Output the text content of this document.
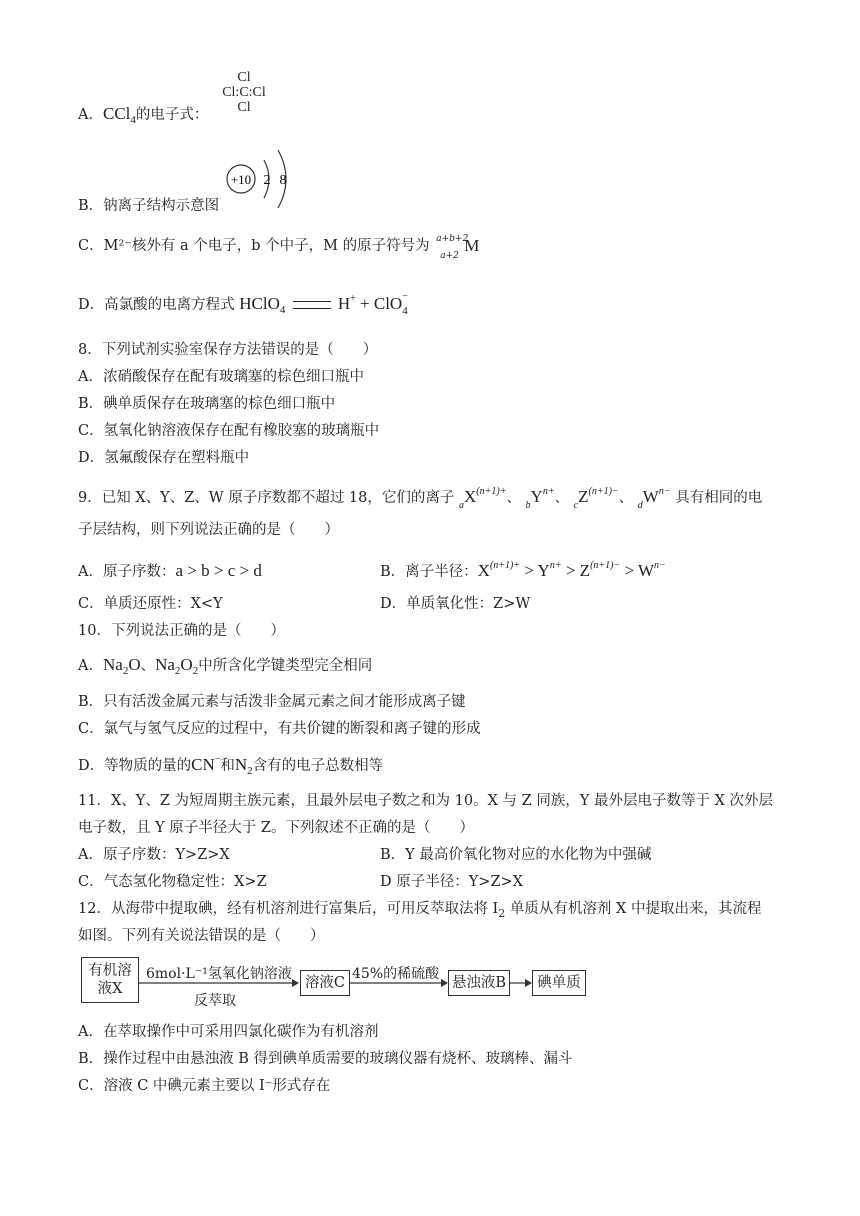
A．CCl$_4$的电子式：
Cl
Cl:C:Cl
Cl
B．钠离子结构示意图
+10 2 8
C．M²⁻核外有 a 个电子，b 个中子，M 的原子符号为 a+b+2
a+2
M
D．高氯酸的电离方程式 HClO$_4$	H+ + ClO −
4
8．下列试剂实验室保存方法错误的是（　　）
A．浓硝酸保存在配有玻璃塞的棕色细口瓶中
B．碘单质保存在玻璃塞的棕色细口瓶中
C．氢氧化钠溶液保存在配有橡胶塞的玻璃瓶中
D．氢氟酸保存在塑料瓶中
9．已知 X、Y、Z、W 原子序数都不超过 18，它们的离子 $aX^{(n+1)+}$、 $bY^{n+}$、 $cZ^{(n+1)-}$、 $dW^{n-}$ 具有相同的电
子层结构，则下列说法正确的是（　　）
A．原子序数：a > b > c > d	B．离子半径：$X^{(n+1)+} > Y^{n+} > Z^{(n+1)-} > W^{n-}$
C．单质还原性：X<Y	D．单质氧化性：Z>W
10．下列说法正确的是（　　）
A．$Na_2O$、$Na_2O_2$中所含化学键类型完全相同
B．只有活泼金属元素与活泼非金属元素之间才能形成离子键
C．氯气与氢气反应的过程中，有共价键的断裂和离子键的形成
D．等物质的量的CN−和$N_2$含有的电子总数相等
11．X、Y、Z 为短周期主族元素，且最外层电子数之和为 10。X 与 Z 同族，Y 最外层电子数等于 X 次外层
电子数，且 Y 原子半径大于 Z。下列叙述不正确的是（　　）
A．原子序数：Y>Z>X	B．Y 最高价氧化物对应的水化物为中强碱
C．气态氢化物稳定性：X>Z	D 原子半径：Y>Z>X
12．从海带中提取碘，经有机溶剂进行富集后，可用反萃取法将 $I_2$ 单质从有机溶剂 X 中提取出来，其流程
如图。下列有关说法错误的是（　　）
有机溶液X
6mol·L⁻¹氢氧化钠溶液
反萃取
溶液C
45%的稀硫酸
悬浊液B	碘单质
A．在萃取操作中可采用四氯化碳作为有机溶剂
B．操作过程中由悬浊液 B 得到碘单质需要的玻璃仪器有烧杯、玻璃棒、漏斗
C．溶液 C 中碘元素主要以 I⁻形式存在
